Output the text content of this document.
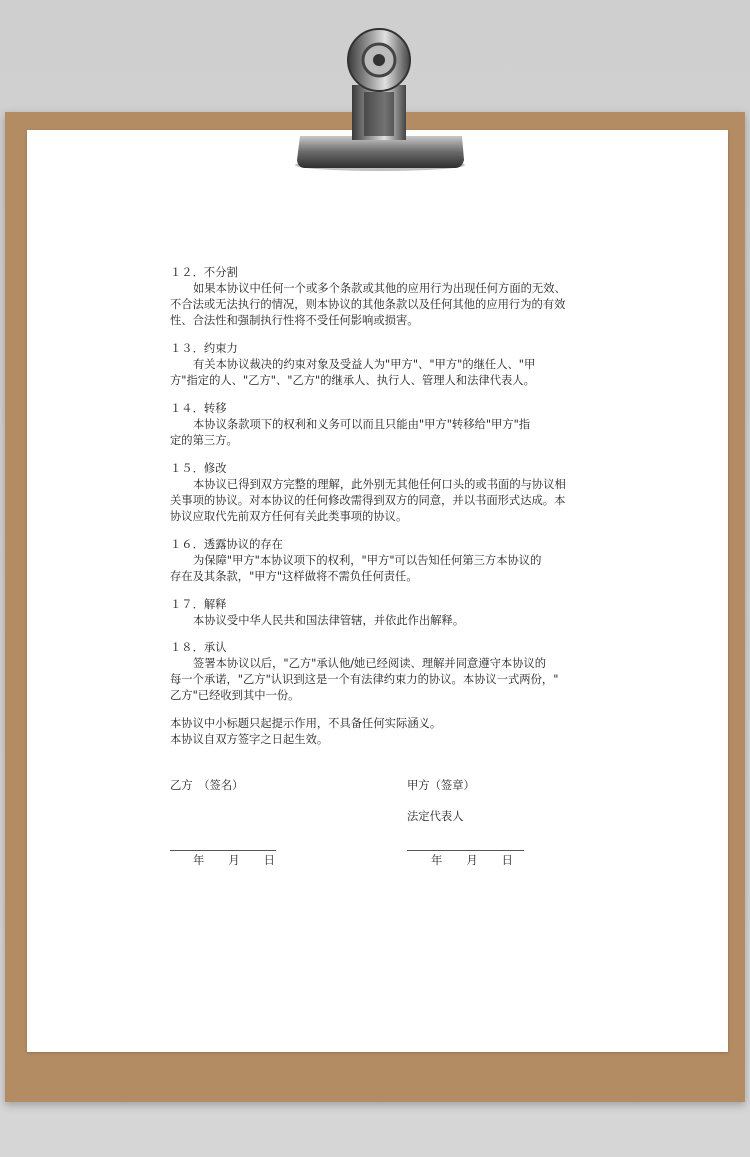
１２．不分割
如果本协议中任何一个或多个条款或其他的应用行为出现任何方面的无效、
不合法或无法执行的情况，则本协议的其他条款以及任何其他的应用行为的有效
性、合法性和强制执行性将不受任何影响或损害。
１３．约束力
有关本协议裁决的约束对象及受益人为"甲方"、"甲方"的继任人、"甲
方"指定的人、"乙方"、"乙方"的继承人、执行人、管理人和法律代表人。
１４．转移
本协议条款项下的权利和义务可以而且只能由"甲方"转移给"甲方"指
定的第三方。
１５．修改
本协议已得到双方完整的理解，此外别无其他任何口头的或书面的与协议相
关事项的协议。对本协议的任何修改需得到双方的同意，并以书面形式达成。本
协议应取代先前双方任何有关此类事项的协议。
１６．透露协议的存在
为保障"甲方"本协议项下的权利，"甲方"可以告知任何第三方本协议的
存在及其条款，"甲方"这样做将不需负任何责任。
１７．解释
本协议受中华人民共和国法律管辖，并依此作出解释。
１８．承认
签署本协议以后，"乙方"承认他/她已经阅读、理解并同意遵守本协议的
每一个承诺，"乙方"认识到这是一个有法律约束力的协议。本协议一式两份，"
乙方"已经收到其中一份。
本协议中小标题只起提示作用，不具备任何实际涵义。
本协议自双方签字之日起生效。
乙方　（签名）	甲方（签章）
法定代表人
年 月 日	年 月 日
